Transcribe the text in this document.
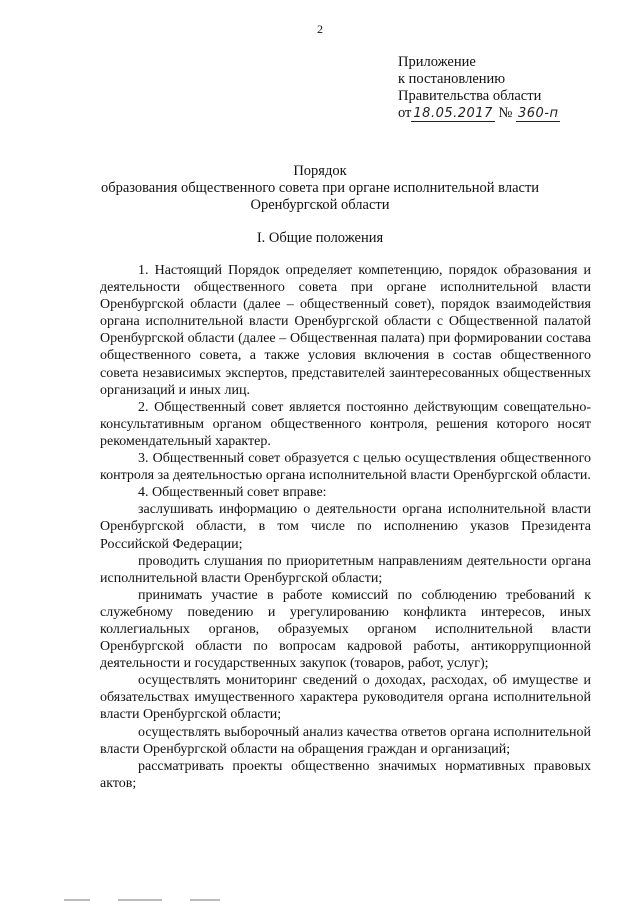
2
Приложение
к постановлению
Правительства области
от 18.05.2017 № 360-п
Порядок
образования общественного совета при органе исполнительной власти
Оренбургской области
I. Общие положения

1. Настоящий Порядок определяет компетенцию, порядок образования и деятельности общественного совета при органе исполнительной власти Оренбургской области (далее – общественный совет), порядок взаимодействия органа исполнительной власти Оренбургской области с Общественной палатой Оренбургской области (далее – Общественная палата) при формировании состава общественного совета, а также условия включения в состав общественного совета независимых экспертов, представителей заинтересованных общественных организаций и иных лиц.

2. Общественный совет является постоянно действующим совещательно-консультативным органом общественного контроля, решения которого носят рекомендательный характер.

3. Общественный совет образуется с целью осуществления общественного контроля за деятельностью органа исполнительной власти Оренбургской области.

4. Общественный совет вправе:

заслушивать информацию о деятельности органа исполнительной власти Оренбургской области, в том числе по исполнению указов Президента Российской Федерации;

проводить слушания по приоритетным направлениям деятельности органа исполнительной власти Оренбургской области;

принимать участие в работе комиссий по соблюдению требований к служебному поведению и урегулированию конфликта интересов, иных коллегиальных органов, образуемых органом исполнительной власти Оренбургской области по вопросам кадровой работы, антикоррупционной деятельности и государственных закупок (товаров, работ, услуг);

осуществлять мониторинг сведений о доходах, расходах, об имуществе и обязательствах имущественного характера руководителя органа исполнительной власти Оренбургской области;

осуществлять выборочный анализ качества ответов органа исполнительной власти Оренбургской области на обращения граждан и организаций;

рассматривать проекты общественно значимых нормативных правовых актов;
